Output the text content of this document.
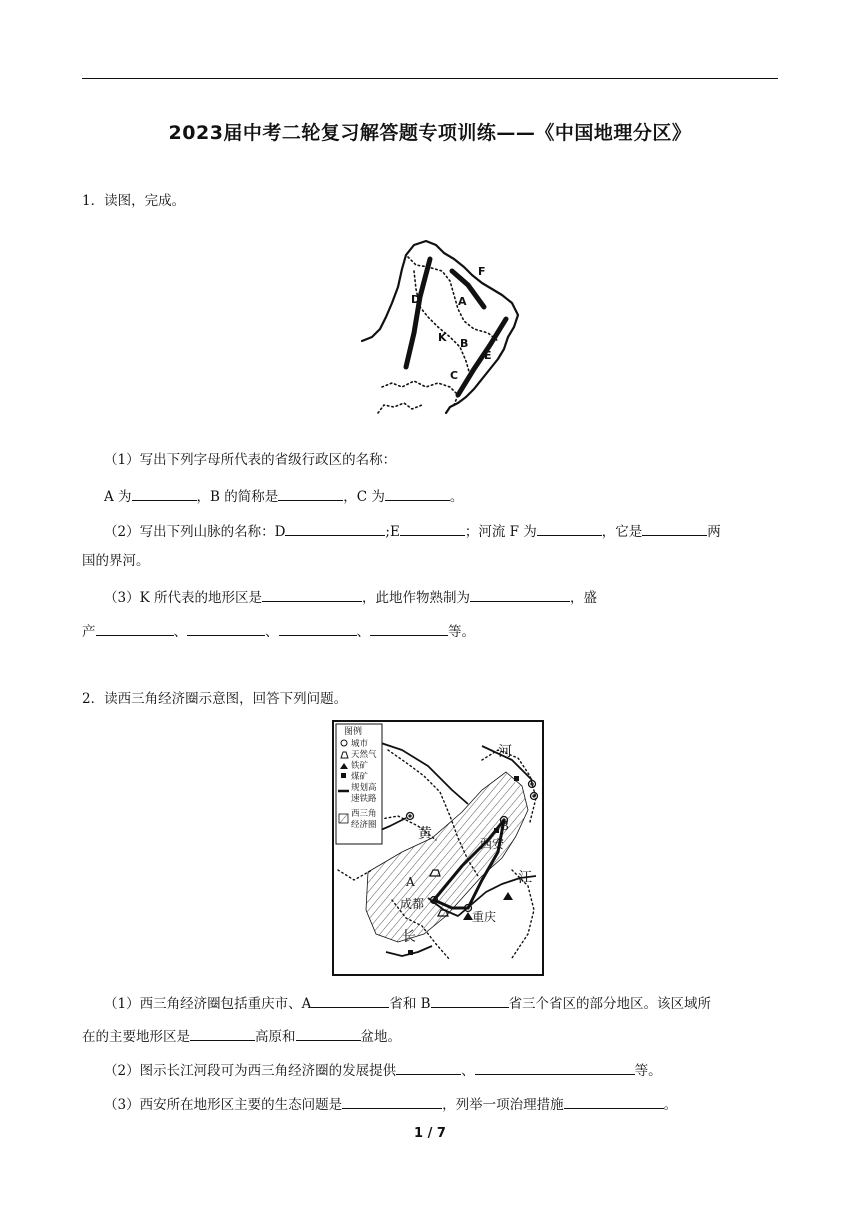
2023届中考二轮复习解答题专项训练——《中国地理分区》
1．读图，完成。
D	A
F
K B
E
C
（1）写出下列字母所代表的省级行政区的名称：
A 为	，B 的简称是	，C 为	。
（2）写出下列山脉的名称：D	;E	；河流 F 为	，它是	两
国的界河。
（3）K 所代表的地形区是	，此地作物熟制为	，盛
产	、	、	、	等。
2．读西三角经济圈示意图，回答下列问题。
图例
城市
天然气
铁矿
煤矿
规划高
速铁路
西三角
经济圈
河
黄	B
西安
A
成都
江
重庆
长
（1）西三角经济圈包括重庆市、A	省和 B	省三个省区的部分地区。该区域所
在的主要地形区是	高原和	盆地。
（2）图示长江河段可为西三角经济圈的发展提供	、	等。
（3）西安所在地形区主要的生态问题是	，列举一项治理措施	。
1 / 7
